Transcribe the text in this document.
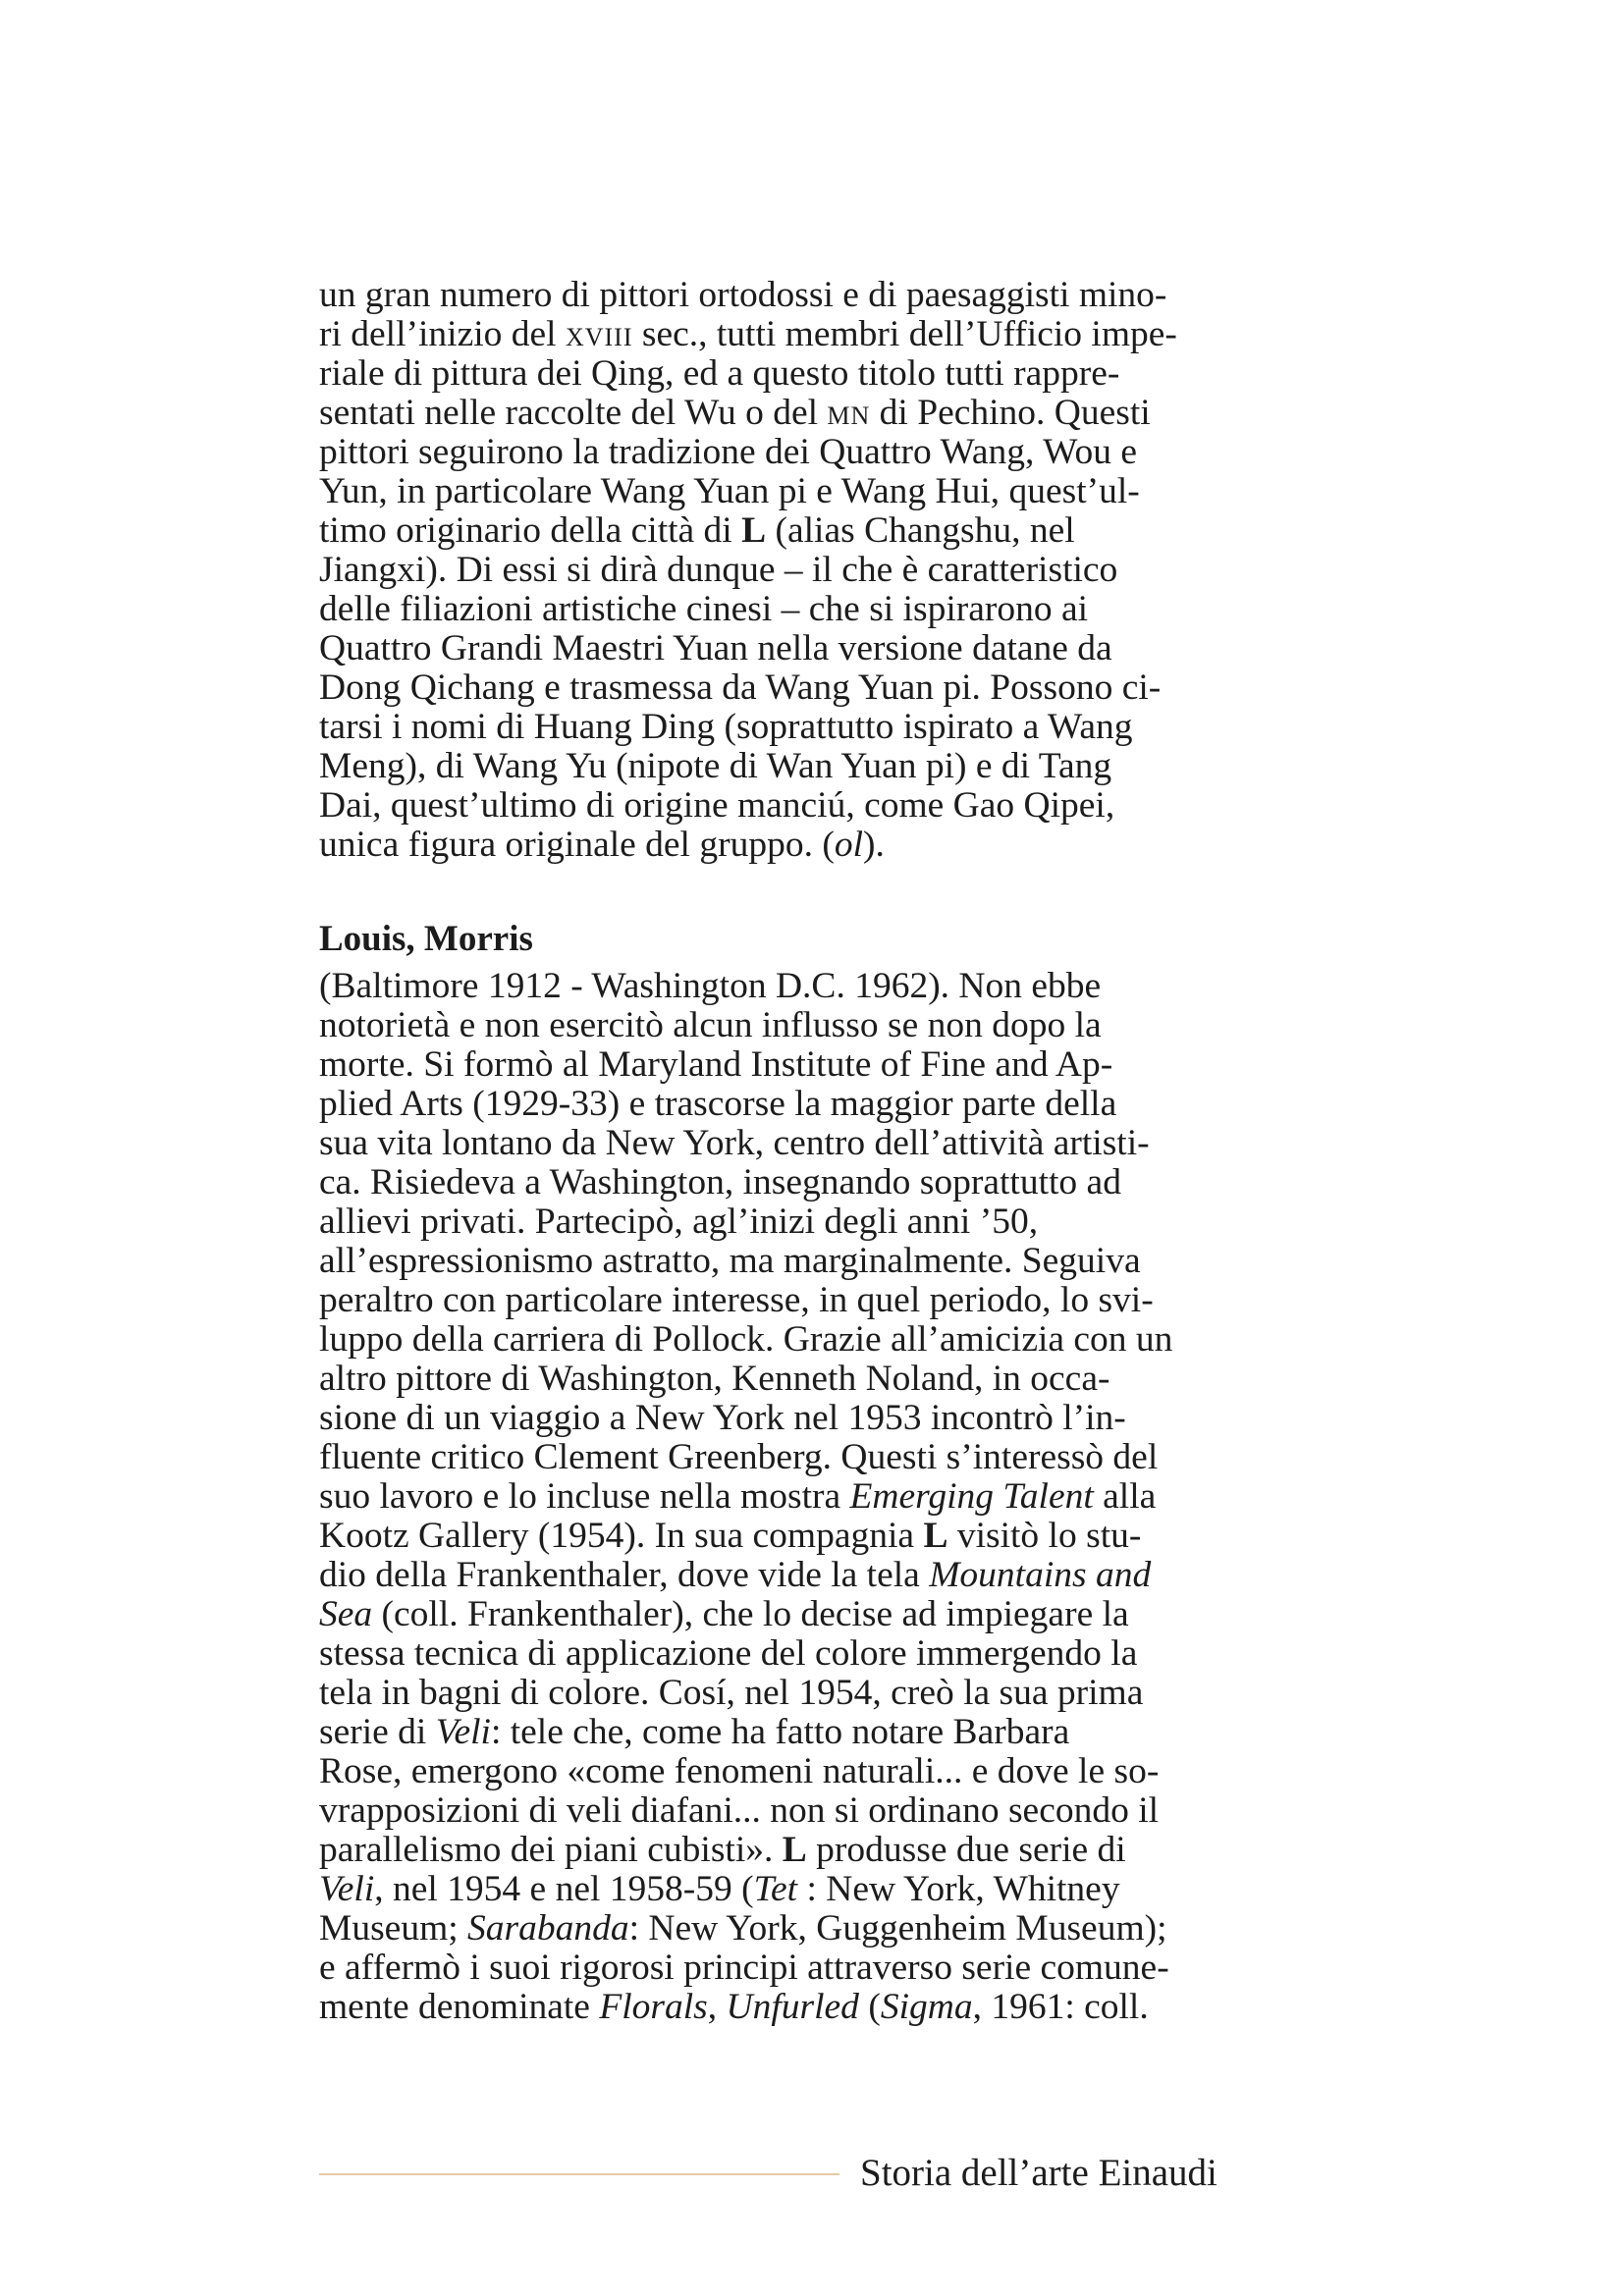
un gran numero di pittori ortodossi e di paesaggisti mino-
ri dell’inizio del xviii sec., tutti membri dell’Ufficio impe-
riale di pittura dei Qing, ed a questo titolo tutti rappre-
sentati nelle raccolte del Wu o del mn di Pechino. Questi
pittori seguirono la tradizione dei Quattro Wang, Wou e
Yun, in particolare Wang Yuan pi e Wang Hui, quest’ul-
timo originario della città di L (alias Changshu, nel
Jiangxi). Di essi si dirà dunque – il che è caratteristico
delle filiazioni artistiche cinesi – che si ispirarono ai
Quattro Grandi Maestri Yuan nella versione datane da
Dong Qichang e trasmessa da Wang Yuan pi. Possono ci-
tarsi i nomi di Huang Ding (soprattutto ispirato a Wang
Meng), di Wang Yu (nipote di Wan Yuan pi) e di Tang
Dai, quest’ultimo di origine manciú, come Gao Qipei,
unica figura originale del gruppo. (ol).
Louis, Morris
(Baltimore 1912 - Washington D.C. 1962). Non ebbe
notorietà e non esercitò alcun influsso se non dopo la
morte. Si formò al Maryland Institute of Fine and Ap-
plied Arts (1929-33) e trascorse la maggior parte della
sua vita lontano da New York, centro dell’attività artisti-
ca. Risiedeva a Washington, insegnando soprattutto ad
allievi privati. Partecipò, agl’inizi degli anni ’50,
all’espressionismo astratto, ma marginalmente. Seguiva
peraltro con particolare interesse, in quel periodo, lo svi-
luppo della carriera di Pollock. Grazie all’amicizia con un
altro pittore di Washington, Kenneth Noland, in occa-
sione di un viaggio a New York nel 1953 incontrò l’in-
fluente critico Clement Greenberg. Questi s’interessò del
suo lavoro e lo incluse nella mostra Emerging Talent alla
Kootz Gallery (1954). In sua compagnia L visitò lo stu-
dio della Frankenthaler, dove vide la tela Mountains and
Sea (coll. Frankenthaler), che lo decise ad impiegare la
stessa tecnica di applicazione del colore immergendo la
tela in bagni di colore. Cosí, nel 1954, creò la sua prima
serie di Veli: tele che, come ha fatto notare Barbara
Rose, emergono «come fenomeni naturali... e dove le so-
vrapposizioni di veli diafani... non si ordinano secondo il
parallelismo dei piani cubisti». L produsse due serie di
Veli, nel 1954 e nel 1958-59 (Tet : New York, Whitney
Museum; Sarabanda: New York, Guggenheim Museum);
e affermò i suoi rigorosi principi attraverso serie comune-
mente denominate Florals, Unfurled (Sigma, 1961: coll.
Storia dell’arte Einaudi
